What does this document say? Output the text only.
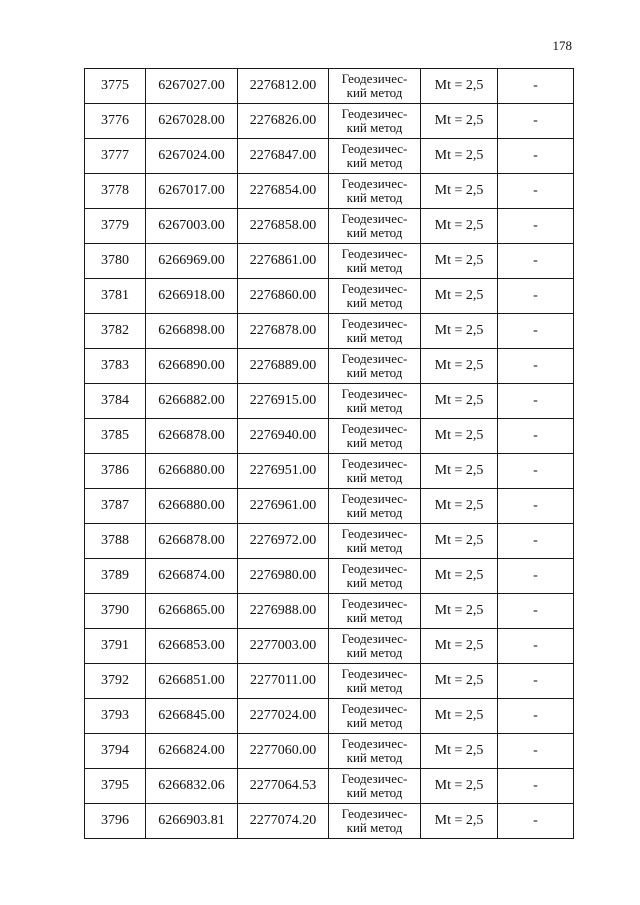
178
3775	6267027.00	2276812.00	Геодезичес-
кий метод	Mt = 2,5	-
3776	6267028.00	2276826.00	Геодезичес-
кий метод	Mt = 2,5	-
3777	6267024.00	2276847.00	Геодезичес-
кий метод	Mt = 2,5	-
3778	6267017.00	2276854.00	Геодезичес-
кий метод	Mt = 2,5	-
3779	6267003.00	2276858.00	Геодезичес-
кий метод	Mt = 2,5	-
3780	6266969.00	2276861.00	Геодезичес-
кий метод	Mt = 2,5	-
3781	6266918.00	2276860.00	Геодезичес-
кий метод	Mt = 2,5	-
3782	6266898.00	2276878.00	Геодезичес-
кий метод	Mt = 2,5	-
3783	6266890.00	2276889.00	Геодезичес-
кий метод	Mt = 2,5	-
3784	6266882.00	2276915.00	Геодезичес-
кий метод	Mt = 2,5	-
3785	6266878.00	2276940.00	Геодезичес-
кий метод	Mt = 2,5	-
3786	6266880.00	2276951.00	Геодезичес-
кий метод	Mt = 2,5	-
3787	6266880.00	2276961.00	Геодезичес-
кий метод	Mt = 2,5	-
3788	6266878.00	2276972.00	Геодезичес-
кий метод	Mt = 2,5	-
3789	6266874.00	2276980.00	Геодезичес-
кий метод	Mt = 2,5	-
3790	6266865.00	2276988.00	Геодезичес-
кий метод	Mt = 2,5	-
3791	6266853.00	2277003.00	Геодезичес-
кий метод	Mt = 2,5	-
3792	6266851.00	2277011.00	Геодезичес-
кий метод	Mt = 2,5	-
3793	6266845.00	2277024.00	Геодезичес-
кий метод	Mt = 2,5	-
3794	6266824.00	2277060.00	Геодезичес-
кий метод	Mt = 2,5	-
3795	6266832.06	2277064.53	Геодезичес-
кий метод	Mt = 2,5	-
3796	6266903.81	2277074.20	Геодезичес-
кий метод	Mt = 2,5	-
